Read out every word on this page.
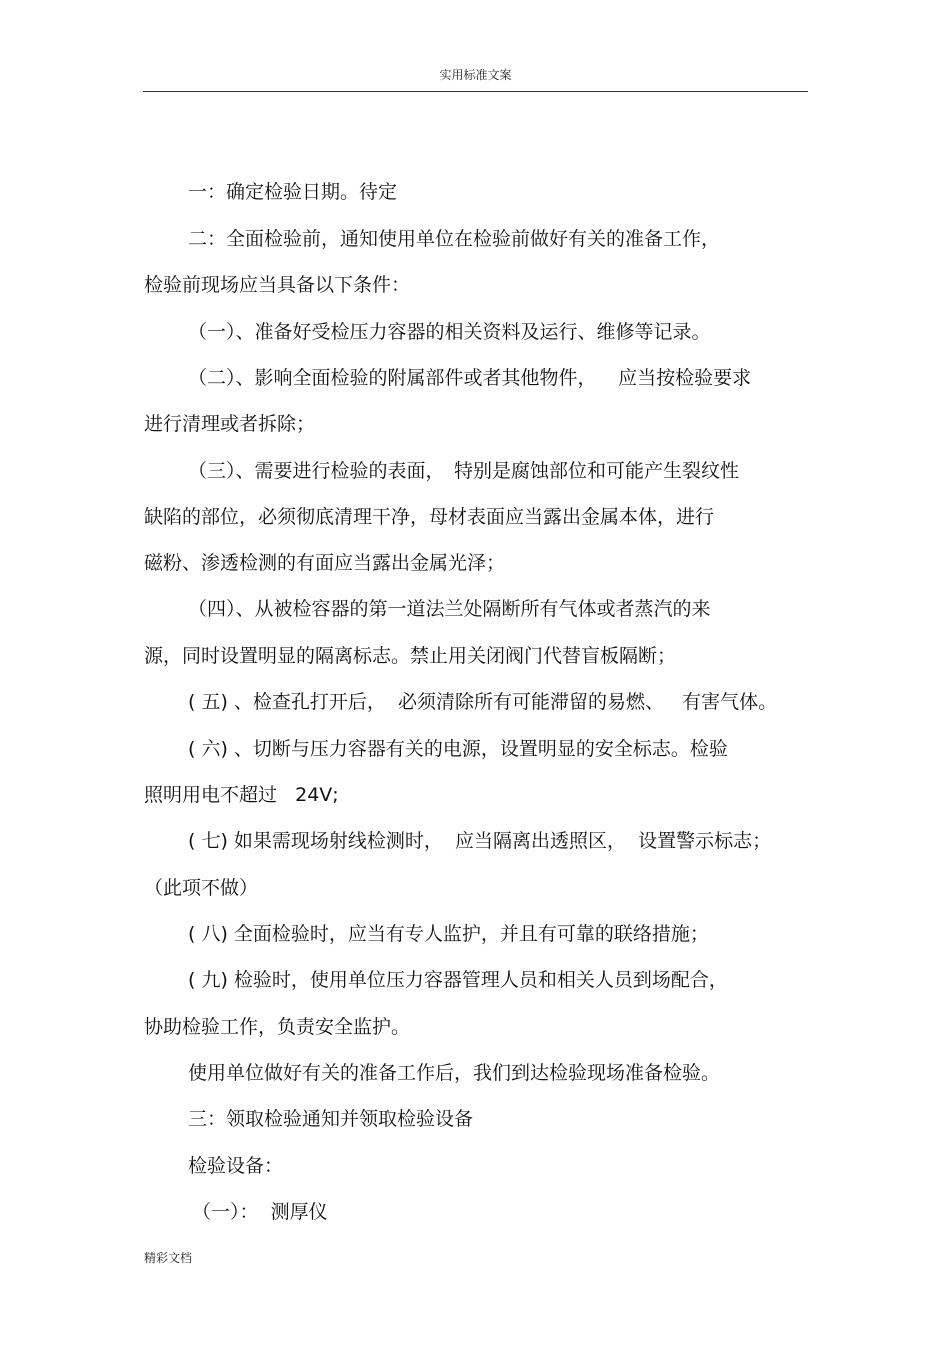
实用标准文案
一：确定检验日期。待定
二：全面检验前，通知使用单位在检验前做好有关的准备工作，
检验前现场应当具备以下条件：
（一）、准备好受检压力容器的相关资料及运行、维修等记录。
（二）、影响全面检验的附属部件或者其他物件，　  应当按检验要求
进行清理或者拆除；
（三）、需要进行检验的表面，　特别是腐蚀部位和可能产生裂纹性
缺陷的部位，必须彻底清理干净，母材表面应当露出金属本体，进行
磁粉、渗透检测的有面应当露出金属光泽；
（四）、从被检容器的第一道法兰处隔断所有气体或者蒸汽的来
源，同时设置明显的隔离标志。禁止用关闭阀门代替盲板隔断；
( 五) 、检查孔打开后，  必须清除所有可能滞留的易燃、   有害气体。
( 六) 、切断与压力容器有关的电源，设置明显的安全标志。检验
照明用电不超过   24V;
( 七) 如果需现场射线检测时，  应当隔离出透照区，  设置警示标志；
（此项不做）
( 八) 全面检验时，应当有专人监护，并且有可靠的联络措施；
( 九) 检验时，使用单位压力容器管理人员和相关人员到场配合，
协助检验工作，负责安全监护。
使用单位做好有关的准备工作后，我们到达检验现场准备检验。
三：领取检验通知并领取检验设备
检验设备：
（一）：  测厚仪
精彩文档
